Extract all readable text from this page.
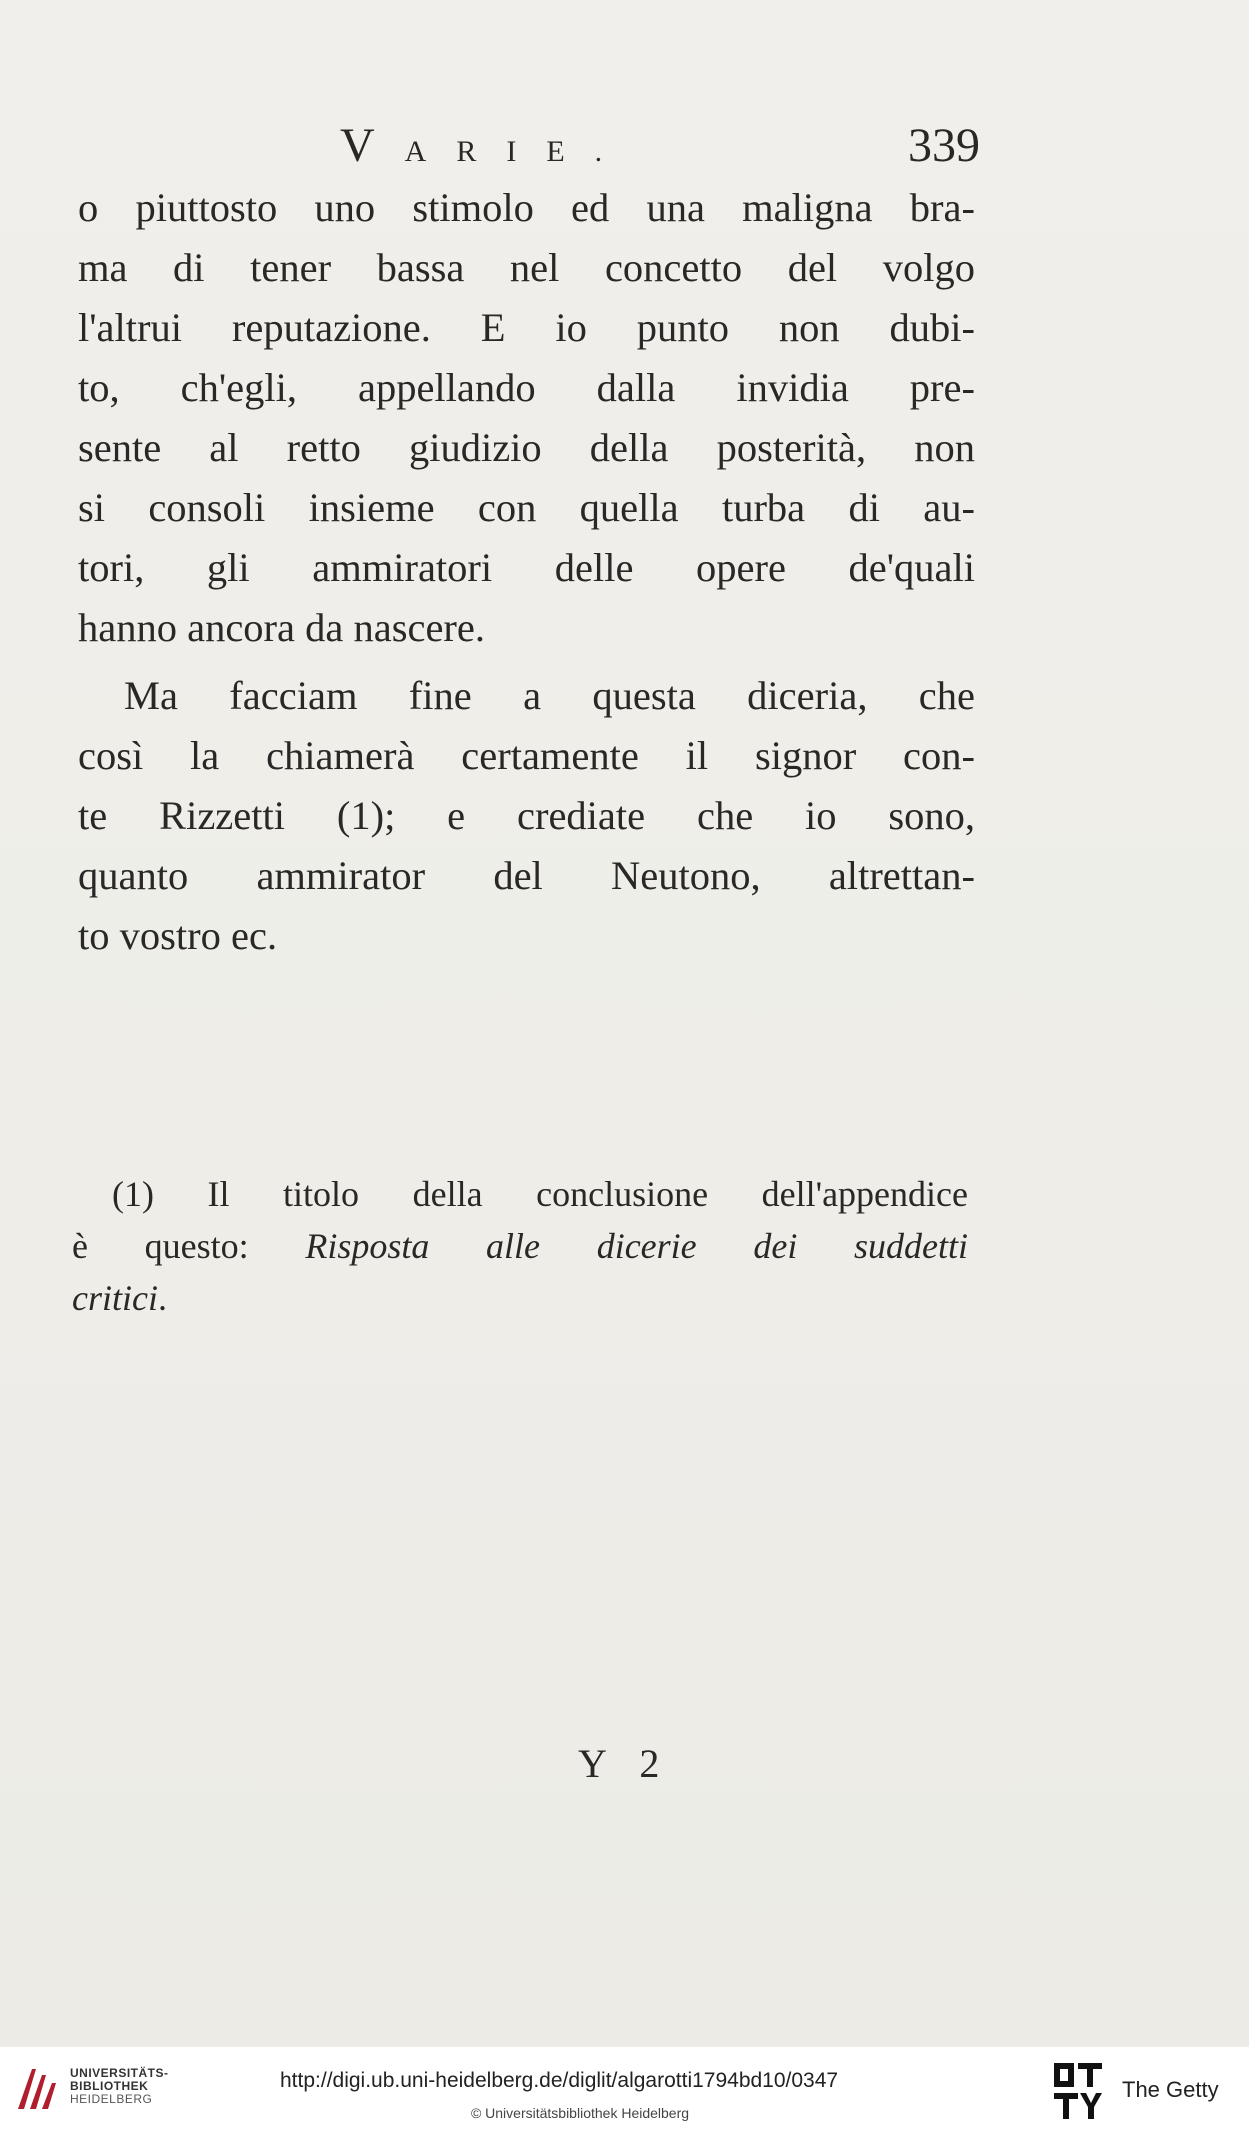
VARIE.	339
o piuttosto uno stimolo ed una maligna bra-
ma di tener bassa nel concetto del volgo
l'altrui reputazione. E io punto non dubi-
to, ch'egli, appellando dalla invidia pre-
sente al retto giudizio della posterità, non
si consoli insieme con quella turba di au-
tori, gli ammiratori delle opere de'quali
hanno ancora da nascere.
Ma facciam fine a questa diceria, che
così la chiamerà certamente il signor con-
te Rizzetti (1); e crediate che io sono,
quanto ammirator del Neutono, altrettan-
to vostro ec.
(1) Il titolo della conclusione dell'appendice
è questo: Risposta alle dicerie dei suddetti
critici.
Y 2
UNIVERSITÄTS-
BIBLIOTHEK
HEIDELBERG
http://digi.ub.uni-heidelberg.de/diglit/algarotti1794bd10/0347
© Universitätsbibliothek Heidelberg
The Getty
